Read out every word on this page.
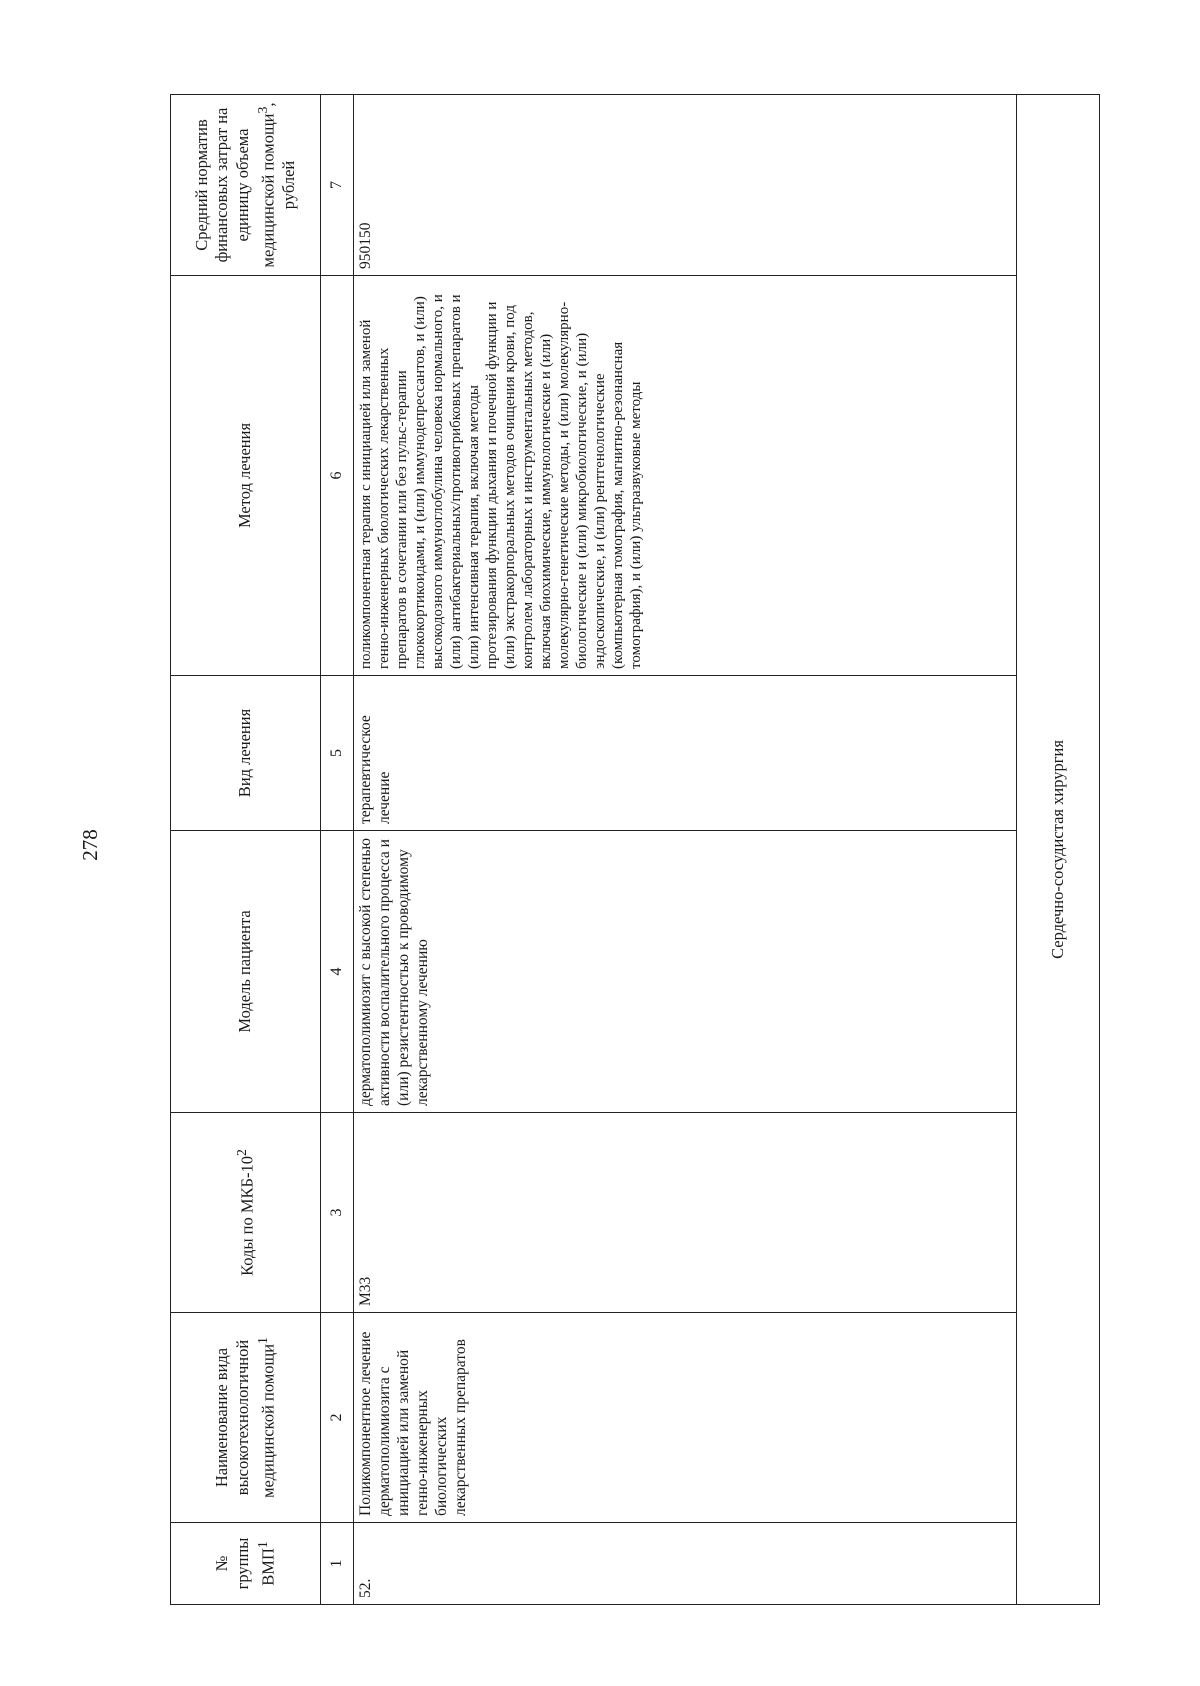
278
№ группы ВМП$^1$	Наименование вида высокотехнологичной медицинской помощи$^1$	Коды по МКБ-$10^2$	Модель пациента	Вид лечения	Метод лечения	Средний норматив финансовых затрат на единицу объема медицинской помощи$^3$, рублей
1	2	3	4	5	6	7
52.	Поликомпонентное лечение дерматополимиозита с инициацией или заменой генно-инженерных биологических лекарственных препаратов	M33	дерматополимиозит с высокой степенью активности воспалительного процесса и (или) резистентностью к проводимому лекарственному лечению	терапевтическое лечение	поликомпонентная терапия с инициацией или заменой генно-инженерных биологических лекарственных препаратов в сочетании или без пульс-терапии глюкокортикоидами, и (или) иммунодепрессантов, и (или) высокодозного иммуноглобулина человека нормального, и (или) антибактериальных/противогрибковых препаратов и (или) интенсивная терапия, включая методы протезирования функции дыхания и почечной функции и (или) экстракорпоральных методов очищения крови, под контролем лабораторных и инструментальных методов, включая биохимические, иммунологические и (или) молекулярно-генетические методы, и (или) молекулярно-биологические и (или) микробиологические, и (или) эндоскопические, и (или) рентгенологические (компьютерная томография, магнитно-резонансная томография), и (или) ультразвуковые методы	950150
Сердечно-сосудистая хирургия						
